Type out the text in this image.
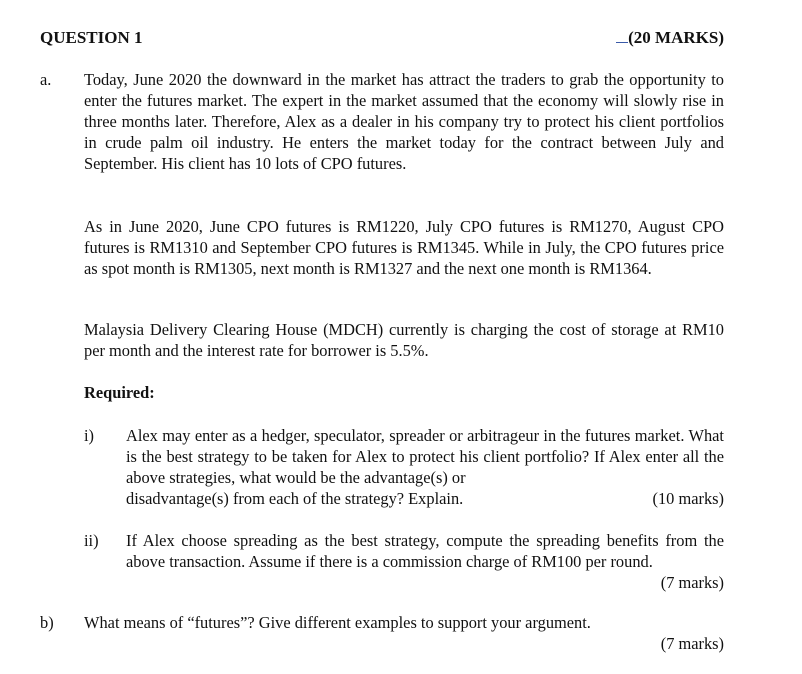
QUESTION 1	(20 MARKS)
a. Today, June 2020 the downward in the market has attract the traders to grab the opportunity to enter the futures market. The expert in the market assumed that the economy will slowly rise in three months later. Therefore, Alex as a dealer in his company try to protect his client portfolios in crude palm oil industry. He enters the market today for the contract between July and September. His client has 10 lots of CPO futures.
As in June 2020, June CPO futures is RM1220, July CPO futures is RM1270, August CPO futures is RM1310 and September CPO futures is RM1345. While in July, the CPO futures price as spot month is RM1305, next month is RM1327 and the next one month is RM1364.
Malaysia Delivery Clearing House (MDCH) currently is charging the cost of storage at RM10 per month and the interest rate for borrower is 5.5%.
Required:
i) Alex may enter as a hedger, speculator, spreader or arbitrageur in the futures market. What is the best strategy to be taken for Alex to protect his client portfolio? If Alex enter all the above strategies, what would be the advantage(s) or
disadvantage(s) from each of the strategy? Explain.	(10 marks)
ii) If Alex choose spreading as the best strategy, compute the spreading benefits from the above transaction. Assume if there is a commission charge of RM100 per round.
(7 marks)
b) What means of “futures”? Give different examples to support your argument.
(7 marks)
